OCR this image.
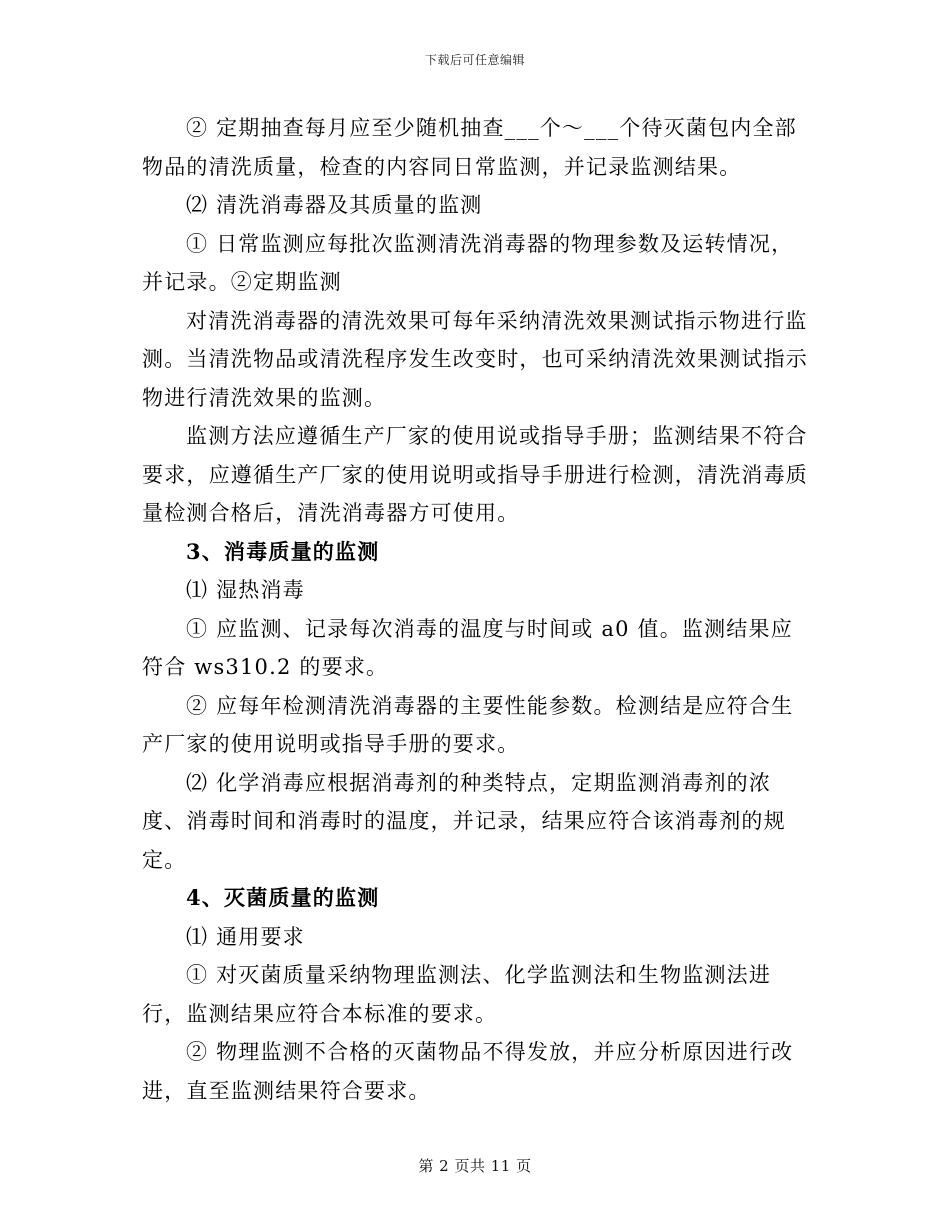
下载后可任意编辑

② 定期抽查每月应至少随机抽查___个～___个待灭菌包内全部物品的清洗质量，检查的内容同日常监测，并记录监测结果。

⑵ 清洗消毒器及其质量的监测

① 日常监测应每批次监测清洗消毒器的物理参数及运转情况，并记录。②定期监测

对清洗消毒器的清洗效果可每年采纳清洗效果测试指示物进行监测。当清洗物品或清洗程序发生改变时，也可采纳清洗效果测试指示物进行清洗效果的监测。

监测方法应遵循生产厂家的使用说或指导手册；监测结果不符合要求，应遵循生产厂家的使用说明或指导手册进行检测，清洗消毒质量检测合格后，清洗消毒器方可使用。

3、消毒质量的监测

⑴ 湿热消毒

① 应监测、记录每次消毒的温度与时间或 a0 值。监测结果应符合 ws310.2 的要求。

② 应每年检测清洗消毒器的主要性能参数。检测结是应符合生产厂家的使用说明或指导手册的要求。

⑵ 化学消毒应根据消毒剂的种类特点，定期监测消毒剂的浓度、消毒时间和消毒时的温度，并记录，结果应符合该消毒剂的规定。

4、灭菌质量的监测

⑴ 通用要求

① 对灭菌质量采纳物理监测法、化学监测法和生物监测法进行，监测结果应符合本标准的要求。

② 物理监测不合格的灭菌物品不得发放，并应分析原因进行改进，直至监测结果符合要求。

第 2 页共 11 页
